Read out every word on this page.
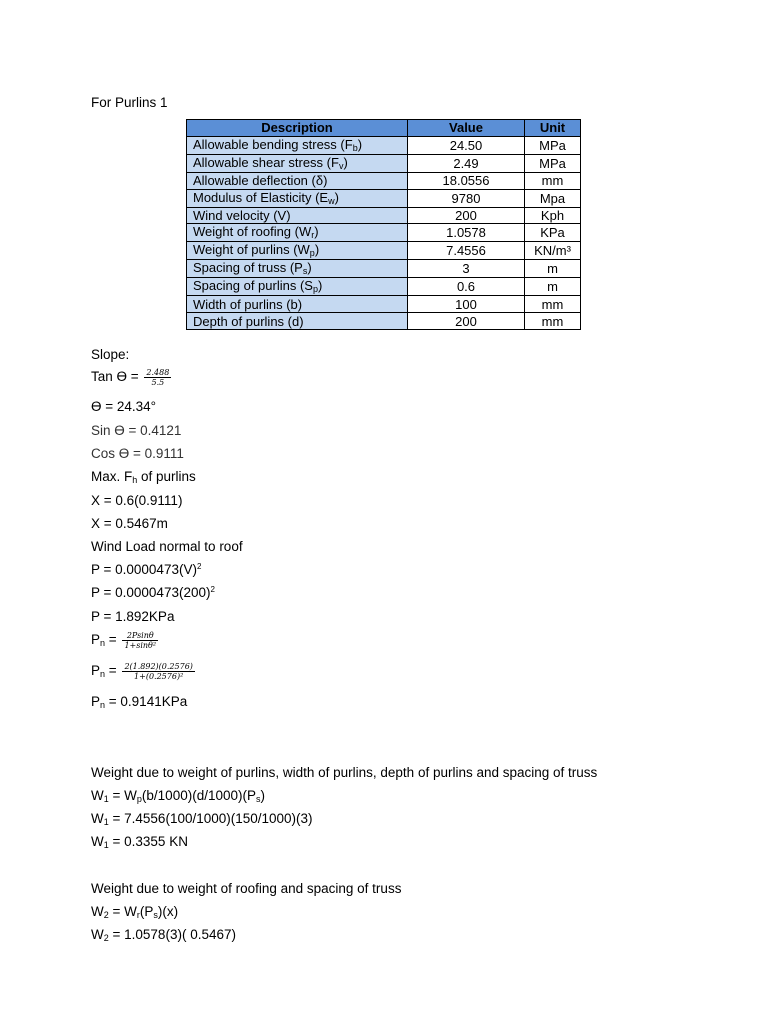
For Purlins 1
Description	Value	Unit
Allowable bending stress (Fb)	24.50	MPa
Allowable shear stress (Fv)	2.49	MPa
Allowable deflection (δ)	18.0556	mm
Modulus of Elasticity (Ew)	9780	Mpa
Wind velocity (V)	200	Kph
Weight of roofing (Wr)	1.0578	KPa
Weight of purlins (Wp)	7.4556	KN/m³
Spacing of truss (Ps)	3	m
Spacing of purlins (Sp)	0.6	m
Width of purlins (b)	100	mm
Depth of purlins (d)	200	mm
Slope:
Tan Ɵ = $\frac{2.488}{5.5}$
Ɵ = 24.34°
Sin Ɵ = 0.4121
Cos Ɵ = 0.9111
Max. Fh of purlins
X = 0.6(0.9111)
X = 0.5467m
Wind Load normal to roof
$P = 0.0000473(V)^2$
$P = 0.0000473(200)^2$
P = 1.892KPa
$Pn = \frac{2Psin\theta}{\text{1+sinθ²}}$
$Pn = \frac{2(1.892)(0.2576)}{\text{1+(0.2576)²}}$
Pn = 0.9141KPa
Weight due to weight of purlins, width of purlins, depth of purlins and spacing of truss
W1 = Wp(b/1000)(d/1000)(Ps)
W1 = 7.4556(100/1000)(150/1000)(3)
W1 = 0.3355 KN
Weight due to weight of roofing and spacing of truss
W2 = Wr(Ps)(x)
W2 = 1.0578(3)( 0.5467)
